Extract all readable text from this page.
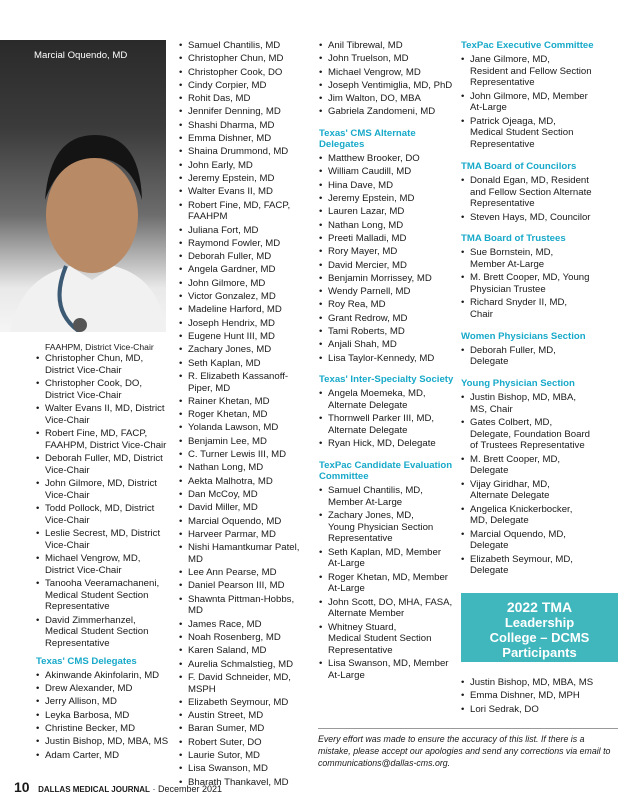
Marcial Oquendo, MD
FAAHPM, District Vice-Chair
• Christopher Chun, MD,
District Vice-Chair
• Christopher Cook, DO,
District Vice-Chair
• Walter Evans II, MD, District
Vice-Chair
• Robert Fine, MD, FACP,
FAAHPM, District Vice-Chair
• Deborah Fuller, MD, District
Vice-Chair
• John Gilmore, MD, District
Vice-Chair
• Todd Pollock, MD, District
Vice-Chair
• Leslie Secrest, MD, District
Vice-Chair
• Michael Vengrow, MD,
District Vice-Chair
• Tanooha Veeramachaneni,
Medical Student Section
Representative
• David Zimmerhanzel,
Medical Student Section
Representative
Texas' CMS Delegates
• Akinwande Akinfolarin, MD
• Drew Alexander, MD
• Jerry Allison, MD
• Leyka Barbosa, MD
• Christine Becker, MD
• Justin Bishop, MD, MBA, MS
• Adam Carter, MD
• Samuel Chantilis, MD
• Christopher Chun, MD
• Christopher Cook, DO
• Cindy Corpier, MD
• Rohit Das, MD
• Jennifer Denning, MD
• Shashi Dharma, MD
• Emma Dishner, MD
• Shaina Drummond, MD
• John Early, MD
• Jeremy Epstein, MD
• Walter Evans II, MD
• Robert Fine, MD, FACP, FAAHPM
• Juliana Fort, MD
• Raymond Fowler, MD
• Deborah Fuller, MD
• Angela Gardner, MD
• John Gilmore, MD
• Victor Gonzalez, MD
• Madeline Harford, MD
• Joseph Hendrix, MD
• Eugene Hunt III, MD
• Zachary Jones, MD
• Seth Kaplan, MD
• R. Elizabeth Kassanoff-Piper, MD
• Rainer Khetan, MD
• Roger Khetan, MD
• Yolanda Lawson, MD
• Benjamin Lee, MD
• C. Turner Lewis III, MD
• Nathan Long, MD
• Aekta Malhotra, MD
• Dan McCoy, MD
• David Miller, MD
• Marcial Oquendo, MD
• Harveer Parmar, MD
• Nishi Hamantkumar Patel, MD
• Lee Ann Pearse, MD
• Daniel Pearson III, MD
• Shawnta Pittman-Hobbs, MD
• James Race, MD
• Noah Rosenberg, MD
• Karen Saland, MD
• Aurelia Schmalstieg, MD
• F. David Schneider, MD, MSPH
• Elizabeth Seymour, MD
• Austin Street, MD
• Baran Sumer, MD
• Robert Suter, DO
• Laurie Sutor, MD
• Lisa Swanson, MD
• Bharath Thankavel, MD
• Anil Tibrewal, MD
• John Truelson, MD
• Michael Vengrow, MD
• Joseph Ventimiglia, MD, PhD
• Jim Walton, DO, MBA
• Gabriela Zandomeni, MD
Texas' CMS Alternate Delegates
• Matthew Brooker, DO
• William Caudill, MD
• Hina Dave, MD
• Jeremy Epstein, MD
• Lauren Lazar, MD
• Nathan Long, MD
• Preeti Malladi, MD
• Rory Mayer, MD
• David Mercier, MD
• Benjamin Morrissey, MD
• Wendy Parnell, MD
• Roy Rea, MD
• Grant Redrow, MD
• Tami Roberts, MD
• Anjali Shah, MD
• Lisa Taylor-Kennedy, MD
Texas' Inter-Specialty Society
• Angela Moemeka, MD,
Alternate Delegate
• Thornwell Parker III, MD,
Alternate Delegate
• Ryan Hick, MD, Delegate
TexPac Candidate Evaluation Committee
• Samuel Chantilis, MD,
Member At-Large
• Zachary Jones, MD,
Young Physician Section
Representative
• Seth Kaplan, MD, Member
At-Large
• Roger Khetan, MD, Member
At-Large
• John Scott, DO, MHA, FASA,
Alternate Member
• Whitney Stuard,
Medical Student Section
Representative
• Lisa Swanson, MD, Member
At-Large
TexPac Executive Committee
• Jane Gilmore, MD,
Resident and Fellow Section
Representative
• John Gilmore, MD, Member
At-Large
• Patrick Ojeaga, MD,
Medical Student Section
Representative
TMA Board of Councilors
• Donald Egan, MD, Resident
and Fellow Section Alternate
Representative
• Steven Hays, MD, Councilor
TMA Board of Trustees
• Sue Bornstein, MD,
Member At-Large
• M. Brett Cooper, MD, Young
Physician Trustee
• Richard Snyder II, MD,
Chair
Women Physicians Section
• Deborah Fuller, MD,
Delegate
Young Physician Section
• Justin Bishop, MD, MBA,
MS, Chair
• Gates Colbert, MD,
Delegate, Foundation Board
of Trustees Representative
• M. Brett Cooper, MD,
Delegate
• Vijay Giridhar, MD,
Alternate Delegate
• Angelica Knickerbocker,
MD, Delegate
• Marcial Oquendo, MD,
Delegate
• Elizabeth Seymour, MD,
Delegate
2022 TMA
Leadership
College – DCMS
Participants
Every effort was made to ensure the accuracy of this list. If there is a mistake, please accept our apologies and send any corrections via email to communications@dallas-cms.org.
10 DALLAS MEDICAL JOURNAL · December 2021
• Justin Bishop, MD, MBA, MS
• Emma Dishner, MD, MPH
• Lori Sedrak, DO
